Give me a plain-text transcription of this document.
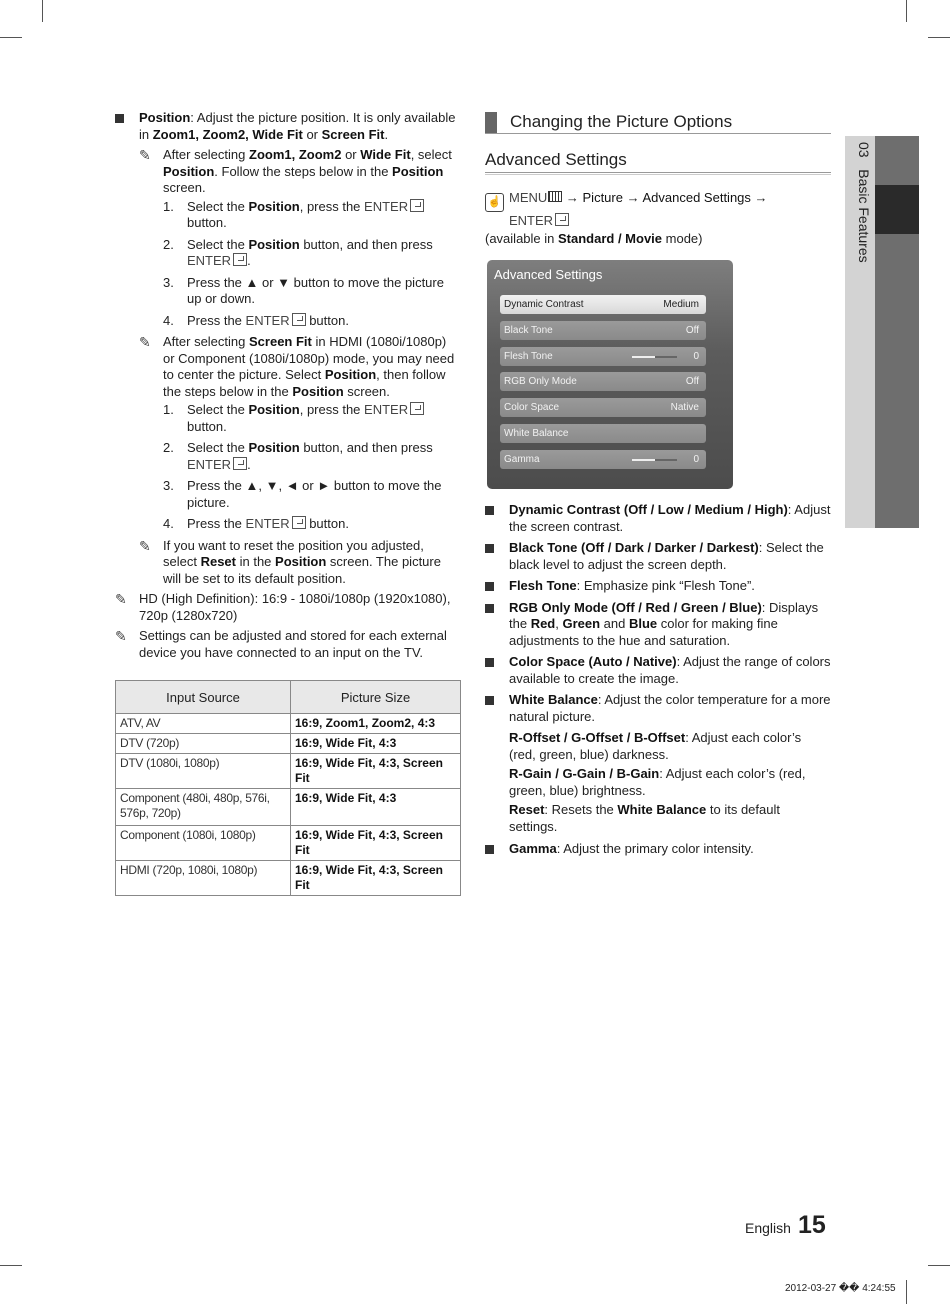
Position: Adjust the picture position. It is only available in Zoom1, Zoom2, Wide Fit or Screen Fit.
✎ After selecting Zoom1, Zoom2 or Wide Fit, select Position. Follow the steps below in the Position screen.
1. Select the Position, press the ENTER button.
2. Select the Position button, and then press ENTER .
3. Press the ▲ or ▼ button to move the picture up or down.
4. Press the ENTER button.
✎ After selecting Screen Fit in HDMI (1080i/1080p) or Component (1080i/1080p) mode, you may need to center the picture. Select Position, then follow the steps below in the Position screen.
1. Select the Position, press the ENTER button.
2. Select the Position button, and then press ENTER .
3. Press the ▲, ▼, ◄ or ► button to move the picture.
4. Press the ENTER button.
✎ If you want to reset the position you adjusted, select Reset in the Position screen. The picture will be set to its default position.
✎ HD (High Definition): 16:9 - 1080i/1080p (1920x1080), 720p (1280x720)
✎ Settings can be adjusted and stored for each external device you have connected to an input on the TV.
Input Source	Picture Size
ATV, AV	16:9, Zoom1, Zoom2, 4:3
DTV (720p)	16:9, Wide Fit, 4:3
DTV (1080i, 1080p)	16:9, Wide Fit, 4:3, Screen Fit
Component (480i, 480p, 576i, 576p, 720p)	16:9, Wide Fit, 4:3
Component (1080i, 1080p)	16:9, Wide Fit, 4:3, Screen Fit
HDMI (720p, 1080i, 1080p)	16:9, Wide Fit, 4:3, Screen Fit
Changing the Picture Options
Advanced Settings
☝ MENU → Picture → Advanced Settings →
ENTER
(available in Standard / Movie mode)
Advanced Settings
Dynamic Contrast	Medium
Black Tone	Off
Flesh Tone	0
RGB Only Mode	Off
Color Space	Native
White Balance
Gamma	0
Dynamic Contrast (Off / Low / Medium / High): Adjust the screen contrast.
Black Tone (Off / Dark / Darker / Darkest): Select the black level to adjust the screen depth.
Flesh Tone: Emphasize pink “Flesh Tone”.
RGB Only Mode (Off / Red / Green / Blue): Displays the Red, Green and Blue color for making fine adjustments to the hue and saturation.
Color Space (Auto / Native): Adjust the range of colors available to create the image.
White Balance: Adjust the color temperature for a more natural picture.

R-Offset / G-Offset / B-Offset: Adjust each color’s (red, green, blue) darkness.

R-Gain / G-Gain / B-Gain: Adjust each color’s (red, green, blue) brightness.

Reset: Resets the White Balance to its default settings.

Gamma: Adjust the primary color intensity.
03   Basic Features
English 15
2012-03-27 �� 4:24:55
